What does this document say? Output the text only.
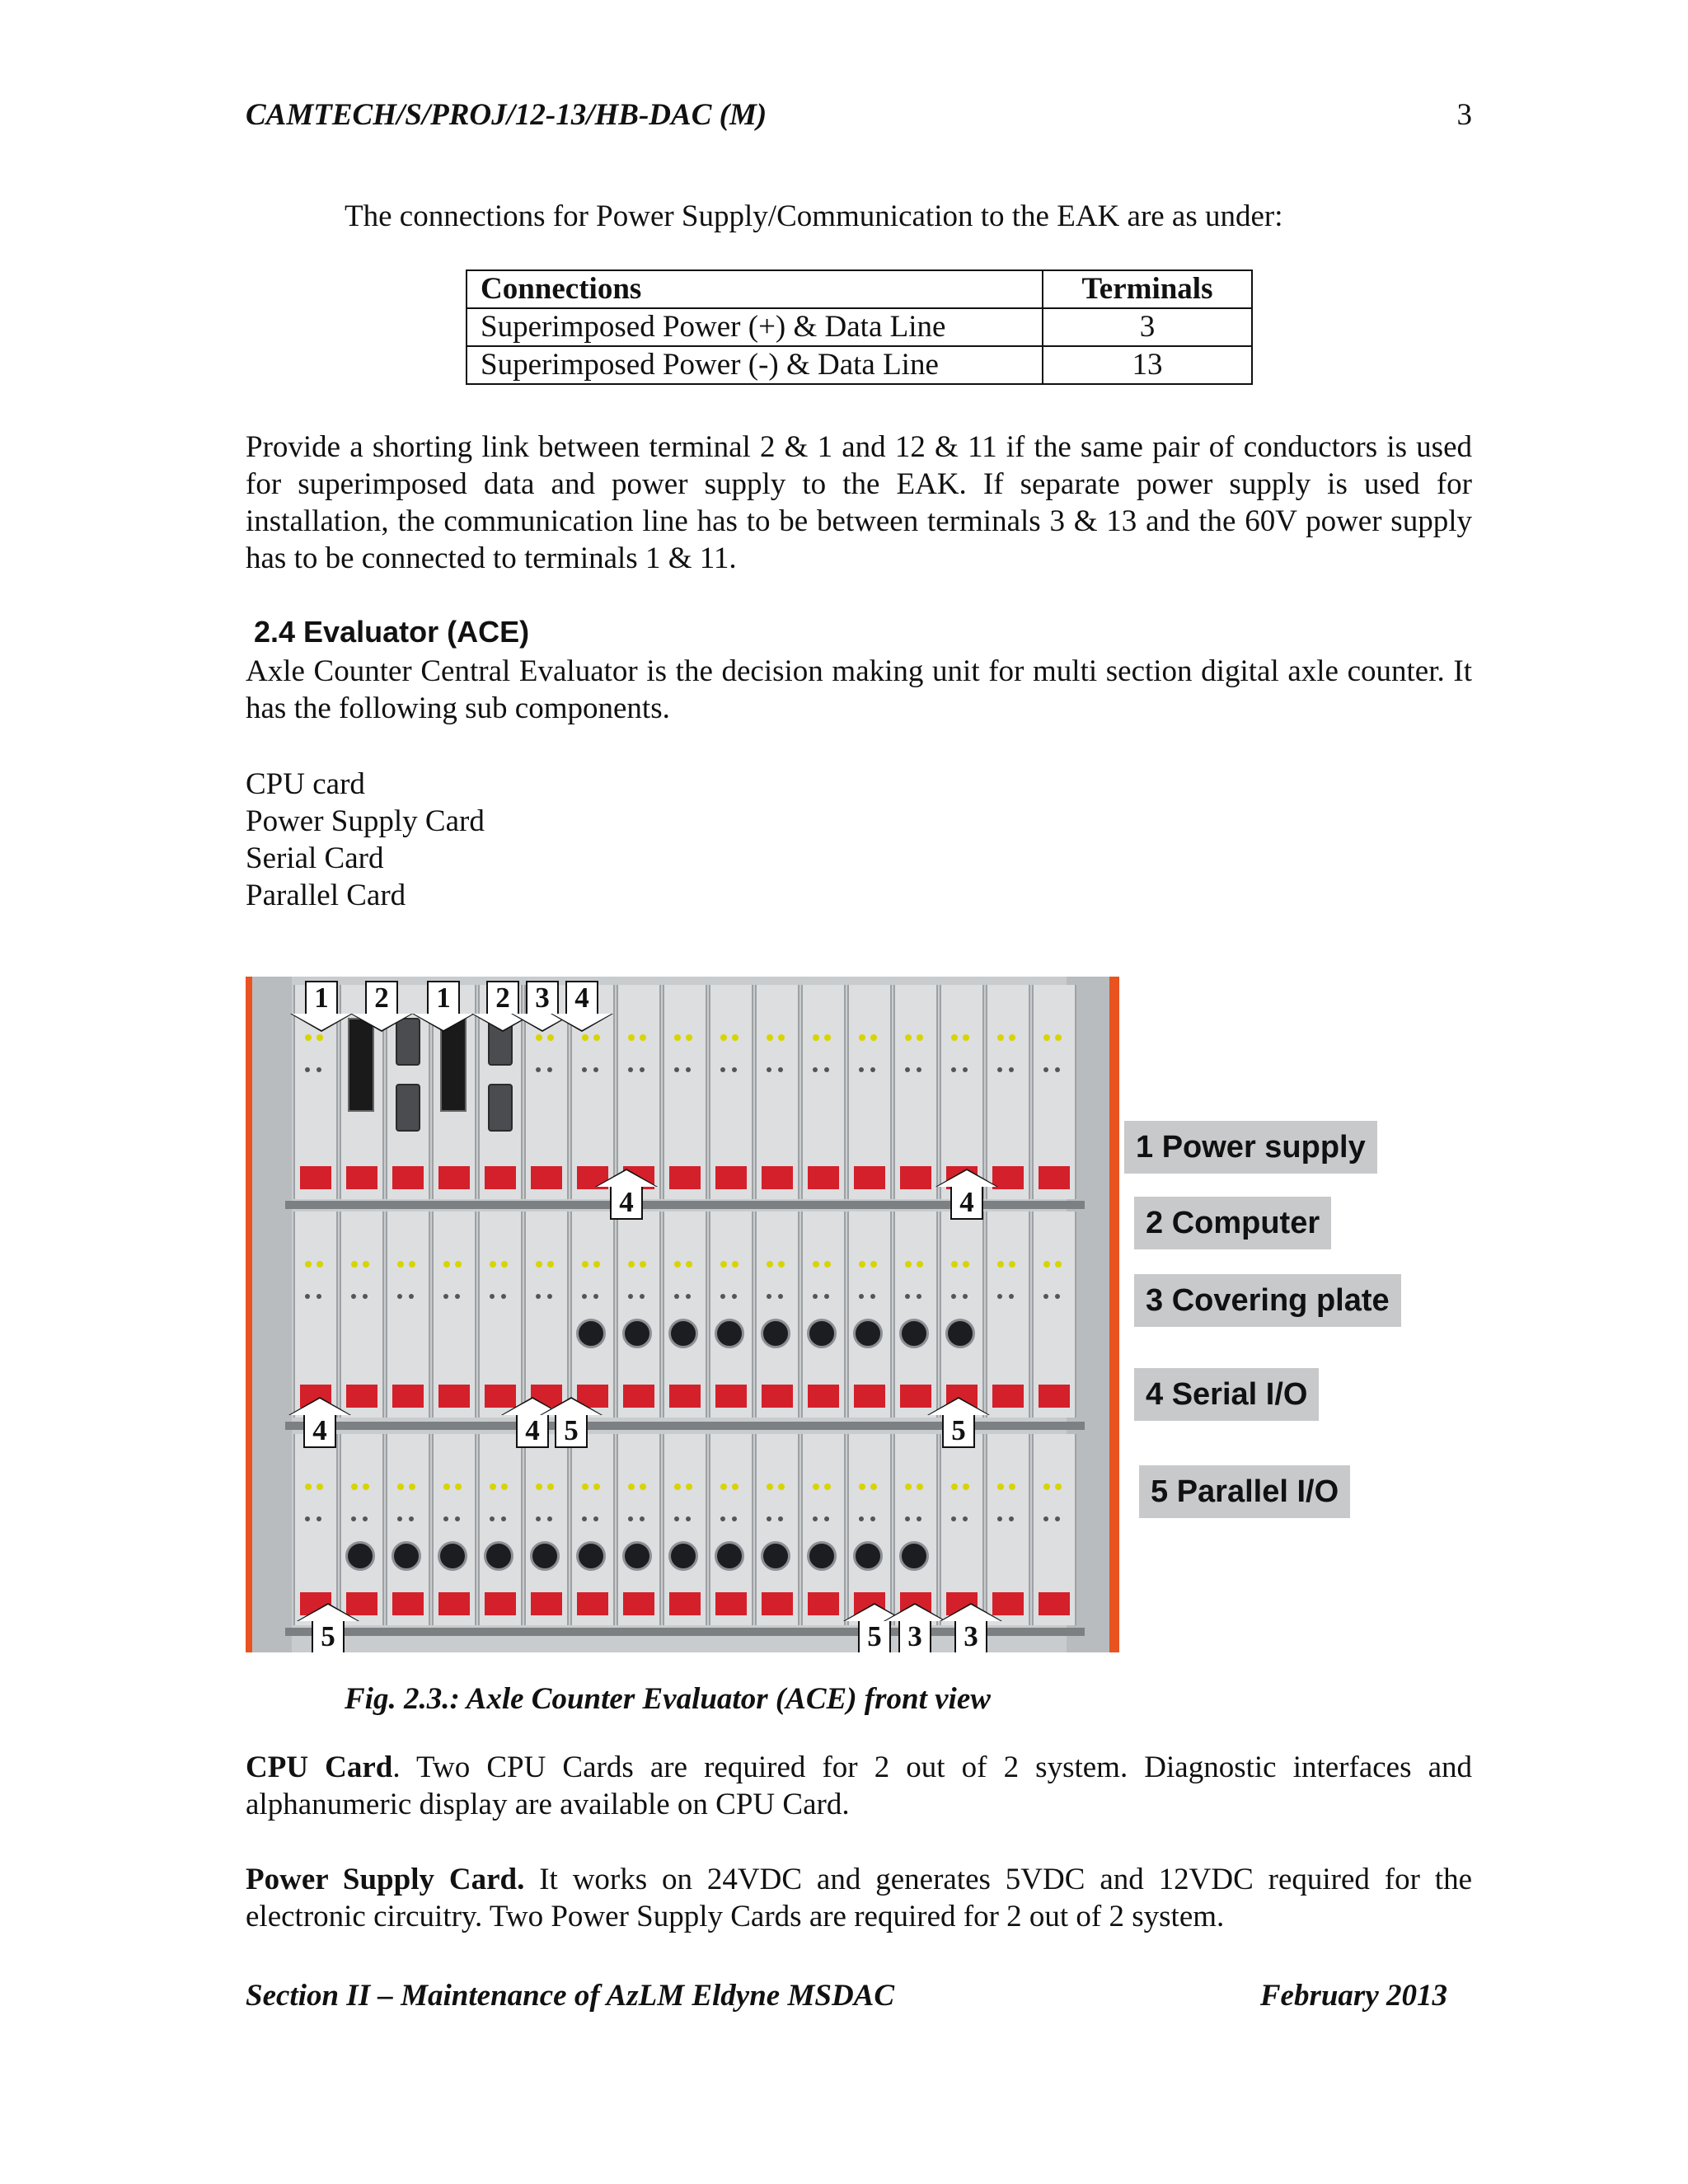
CAMTECH/S/PROJ/12-13/HB-DAC (M)	3
The connections for Power Supply/Communication to the EAK are as under:
Connections	Terminals
Superimposed Power (+) & Data Line	3
Superimposed Power (-) & Data Line	13
Provide a shorting link between terminal 2 & 1 and 12 & 11 if the same pair of conductors is used for superimposed data and power supply to the EAK. If separate power supply is used for installation, the communication line has to be between terminals 3 & 13 and the 60V power supply has to be connected to terminals 1 & 11.
2.4 Evaluator (ACE)
Axle Counter Central Evaluator is the decision making unit for multi section digital axle counter. It has the following sub components.
CPU card
Power Supply Card
Serial Card
Parallel Card
1	2	1	2 3 4
4	4
4	4 5	5
5	5 3	3
1 Power supply
2 Computer
3 Covering plate
4 Serial I/O
5 Parallel I/O
Fig. 2.3.: Axle Counter Evaluator (ACE) front view
CPU Card. Two CPU Cards are required for 2 out of 2 system. Diagnostic interfaces and alphanumeric display are available on CPU Card.
Power Supply Card. It works on 24VDC and generates 5VDC and 12VDC required for the electronic circuitry. Two Power Supply Cards are required for 2 out of 2 system.
Section II – Maintenance of AzLM Eldyne MSDAC	February 2013
